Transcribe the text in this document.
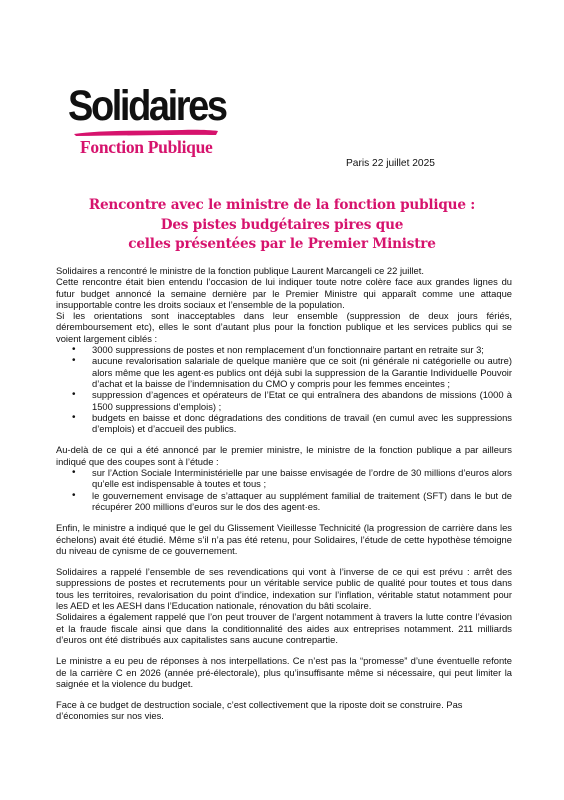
Solidaires
Fonction Publique
Paris 22 juillet 2025
Rencontre avec le ministre de la fonction publique :
Des pistes budgétaires pires que
celles présentées par le Premier Ministre

Solidaires a rencontré le ministre de la fonction publique Laurent Marcangeli ce 22 juillet.

Cette rencontre était bien entendu l’occasion de lui indiquer toute notre colère face aux grandes lignes du futur budget annoncé la semaine dernière par le Premier Ministre qui apparaît comme une attaque insupportable contre les droits sociaux et l’ensemble de la population.

Si les orientations sont inacceptables dans leur ensemble (suppression de deux jours fériés, déremboursement etc), elles le sont d’autant plus pour la fonction publique et les services publics qui se voient largement ciblés :

• 3000 suppressions de postes et non remplacement d’un fonctionnaire partant en retraite sur 3;
• aucune revalorisation salariale de quelque manière que ce soit (ni générale ni catégorielle ou autre) alors même que les agent·es publics ont déjà subi la suppression de la Garantie Individuelle Pouvoir d’achat et la baisse de l’indemnisation du CMO y compris pour les femmes enceintes ;
• suppression d’agences et opérateurs de l’Etat ce qui entraînera des abandons de missions (1000 à 1500 suppressions d’emplois) ;
• budgets en baisse et donc dégradations des conditions de travail (en cumul avec les suppressions d’emplois) et d’accueil des publics.

Au-delà de ce qui a été annoncé par le premier ministre, le ministre de la fonction publique a par ailleurs indiqué que des coupes sont à l’étude :

• sur l’Action Sociale Interministérielle par une baisse envisagée de l’ordre de 30 millions d’euros alors qu’elle est indispensable à toutes et tous ;
• le gouvernement envisage de s’attaquer au supplément familial de traitement (SFT) dans le but de récupérer 200 millions d’euros sur le dos des agent·es.

Enfin, le ministre a indiqué que le gel du Glissement Vieillesse Technicité (la progression de carrière dans les échelons) avait été étudié. Même s’il n’a pas été retenu, pour Solidaires, l’étude de cette hypothèse témoigne du niveau de cynisme de ce gouvernement.

Solidaires a rappelé l’ensemble de ses revendications qui vont à l’inverse de ce qui est prévu : arrêt des suppressions de postes et recrutements pour un véritable service public de qualité pour toutes et tous dans tous les territoires, revalorisation du point d’indice, indexation sur l’inflation, véritable statut notamment pour les AED et les AESH dans l’Education nationale, rénovation du bâti scolaire.

Solidaires a également rappelé que l’on peut trouver de l’argent notamment à travers la lutte contre l’évasion et la fraude fiscale ainsi que dans la conditionnalité des aides aux entreprises notamment. 211 milliards d’euros ont été distribués aux capitalistes sans aucune contrepartie.

Le ministre a eu peu de réponses à nos interpellations. Ce n’est pas la “promesse” d’une éventuelle refonte de la carrière C en 2026 (année pré-électorale), plus qu’insuffisante même si nécessaire, qui peut limiter la saignée et la violence du budget.

Face à ce budget de destruction sociale, c’est collectivement que la riposte doit se construire. Pas d’économies sur nos vies.
